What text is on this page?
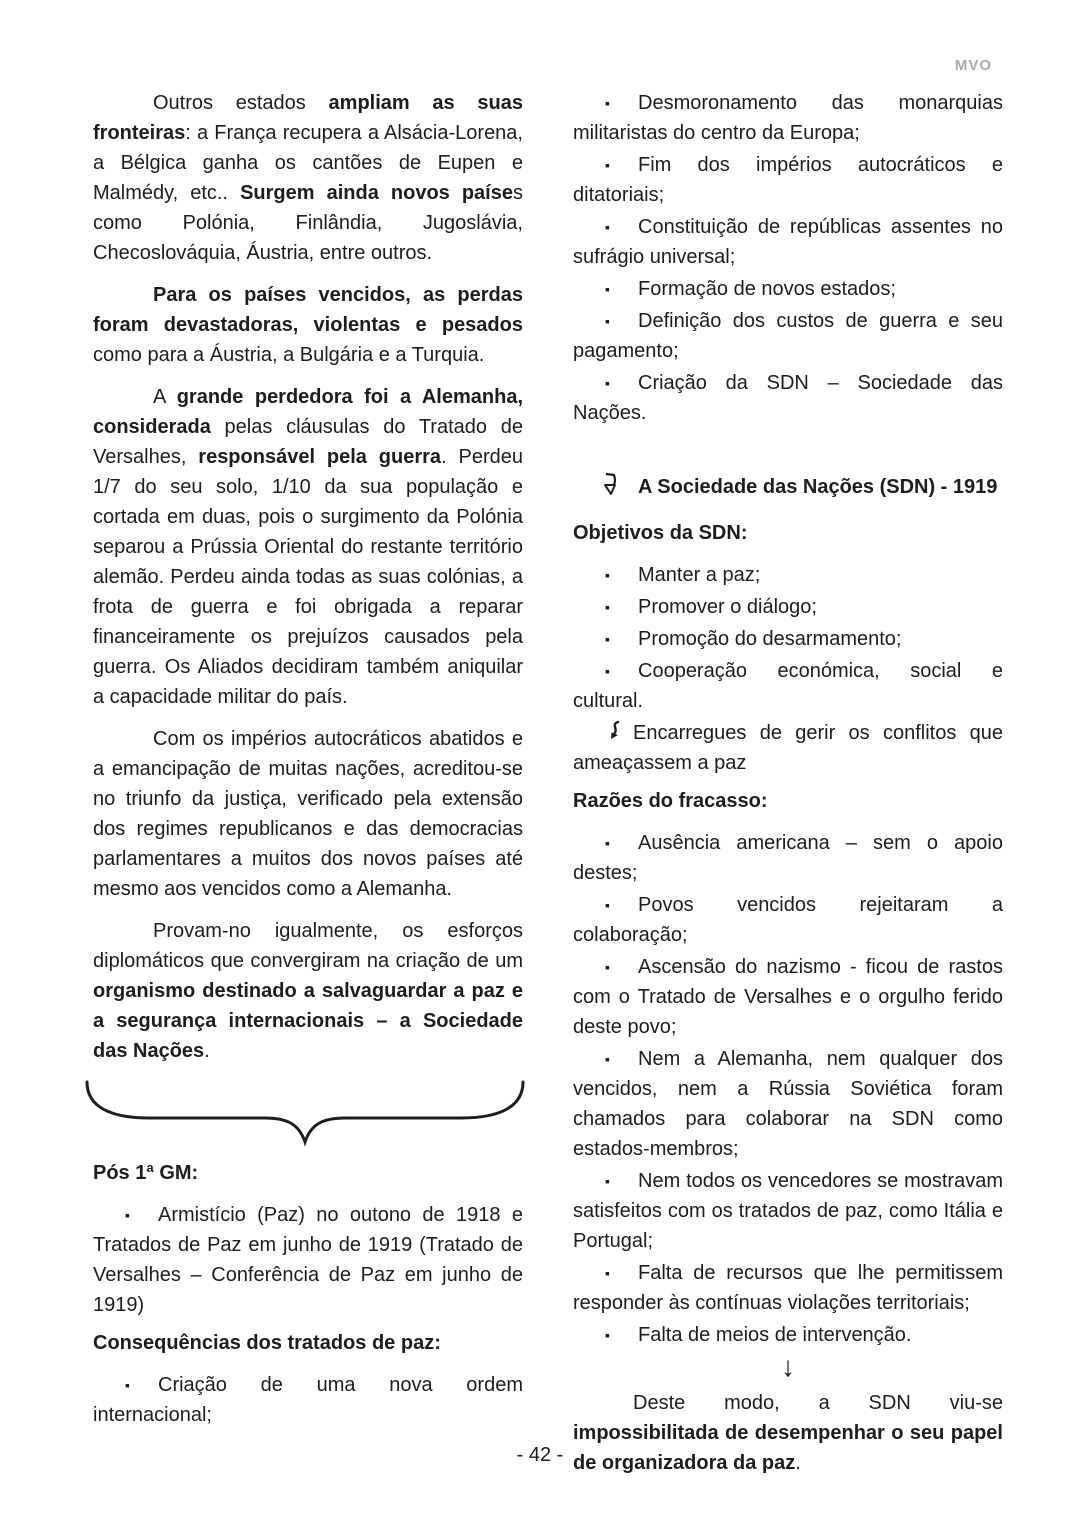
MVO
Outros estados ampliam as suas fronteiras: a França recupera a Alsácia-Lorena, a Bélgica ganha os cantões de Eupen e Malmédy, etc.. Surgem ainda novos países como Polónia, Finlândia, Jugoslávia, Checoslováquia, Áustria, entre outros.
Para os países vencidos, as perdas foram devastadoras, violentas e pesados como para a Áustria, a Bulgária e a Turquia.
A grande perdedora foi a Alemanha, considerada pelas cláusulas do Tratado de Versalhes, responsável pela guerra. Perdeu 1/7 do seu solo, 1/10 da sua população e cortada em duas, pois o surgimento da Polónia separou a Prússia Oriental do restante território alemão. Perdeu ainda todas as suas colónias, a frota de guerra e foi obrigada a reparar financeiramente os prejuízos causados pela guerra. Os Aliados decidiram também aniquilar a capacidade militar do país.
Com os impérios autocráticos abatidos e a emancipação de muitas nações, acreditou-se no triunfo da justiça, verificado pela extensão dos regimes republicanos e das democracias parlamentares a muitos dos novos países até mesmo aos vencidos como a Alemanha.
Provam-no igualmente, os esforços diplomáticos que convergiram na criação de um organismo destinado a salvaguardar a paz e a segurança internacionais – a Sociedade das Nações.
Pós 1ª GM:
▪ Armistício (Paz) no outono de 1918 e Tratados de Paz em junho de 1919 (Tratado de Versalhes – Conferência de Paz em junho de 1919)
Consequências dos tratados de paz:
▪ Criação de uma nova ordem internacional;
▪ Desmoronamento das monarquias militaristas do centro da Europa;
▪ Fim dos impérios autocráticos e ditatoriais;
▪ Constituição de repúblicas assentes no sufrágio universal;
▪ Formação de novos estados;
▪ Definição dos custos de guerra e seu pagamento;
▪ Criação da SDN – Sociedade das Nações.
A Sociedade das Nações (SDN) - 1919
Objetivos da SDN:
▪ Manter a paz;
▪ Promover o diálogo;
▪ Promoção do desarmamento;
▪ Cooperação económica, social e cultural.
Encarregues de gerir os conflitos que ameaçassem a paz
Razões do fracasso:
▪ Ausência americana – sem o apoio destes;
▪ Povos vencidos rejeitaram a colaboração;
▪ Ascensão do nazismo - ficou de rastos com o Tratado de Versalhes e o orgulho ferido deste povo;
▪ Nem a Alemanha, nem qualquer dos vencidos, nem a Rússia Soviética foram chamados para colaborar na SDN como estados-membros;
▪ Nem todos os vencedores se mostravam satisfeitos com os tratados de paz, como Itália e Portugal;
▪ Falta de recursos que lhe permitissem responder às contínuas violações territoriais;
▪ Falta de meios de intervenção.
↓
Deste modo, a SDN viu-se impossibilitada de desempenhar o seu papel de organizadora da paz.
- 42 -
